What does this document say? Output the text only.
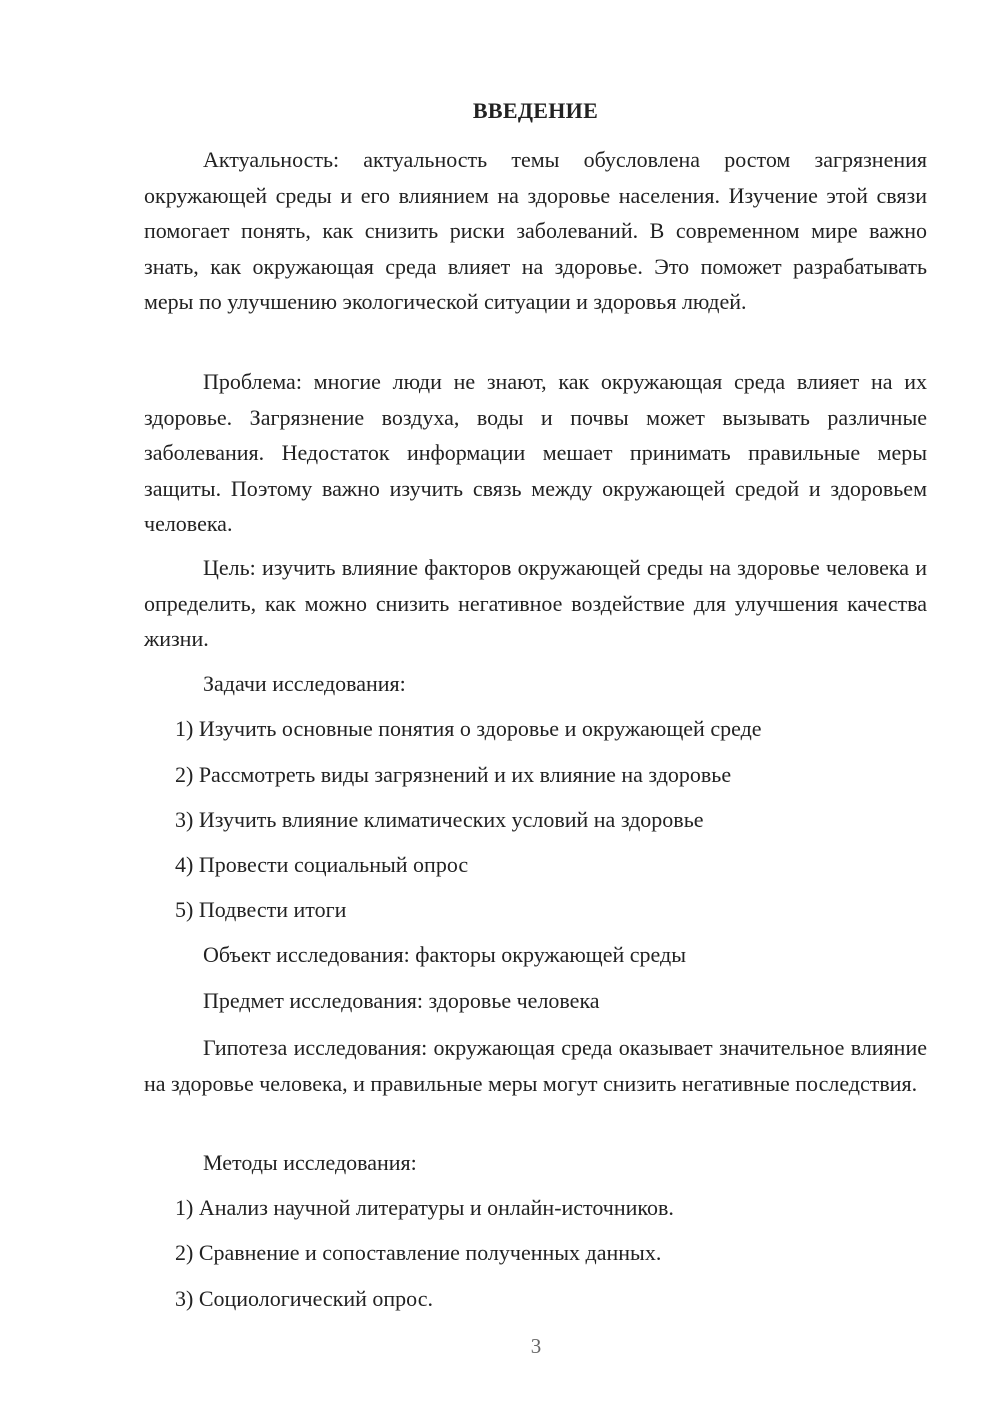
ВВЕДЕНИЕ

Актуальность: актуальность темы обусловлена ростом загрязнения окружающей среды и его влиянием на здоровье населения. Изучение этой связи помогает понять, как снизить риски заболеваний. В современном мире важно знать, как окружающая среда влияет на здоровье. Это поможет разрабатывать меры по улучшению экологической ситуации и здоровья людей.

Проблема: многие люди не знают, как окружающая среда влияет на их здоровье. Загрязнение воздуха, воды и почвы может вызывать различные заболевания. Недостаток информации мешает принимать правильные меры защиты. Поэтому важно изучить связь между окружающей средой и здоровьем человека.

Цель: изучить влияние факторов окружающей среды на здоровье человека и определить, как можно снизить негативное воздействие для улучшения качества жизни.

Задачи исследования:

1) Изучить основные понятия о здоровье и окружающей среде

2) Рассмотреть виды загрязнений и их влияние на здоровье

3) Изучить влияние климатических условий на здоровье

4) Провести социальный опрос

5) Подвести итоги

Объект исследования: факторы окружающей среды

Предмет исследования: здоровье человека

Гипотеза исследования: окружающая среда оказывает значительное влияние на здоровье человека, и правильные меры могут снизить негативные последствия.

Методы исследования:

1) Анализ научной литературы и онлайн-источников.

2) Сравнение и сопоставление полученных данных.

3) Социологический опрос.

3
